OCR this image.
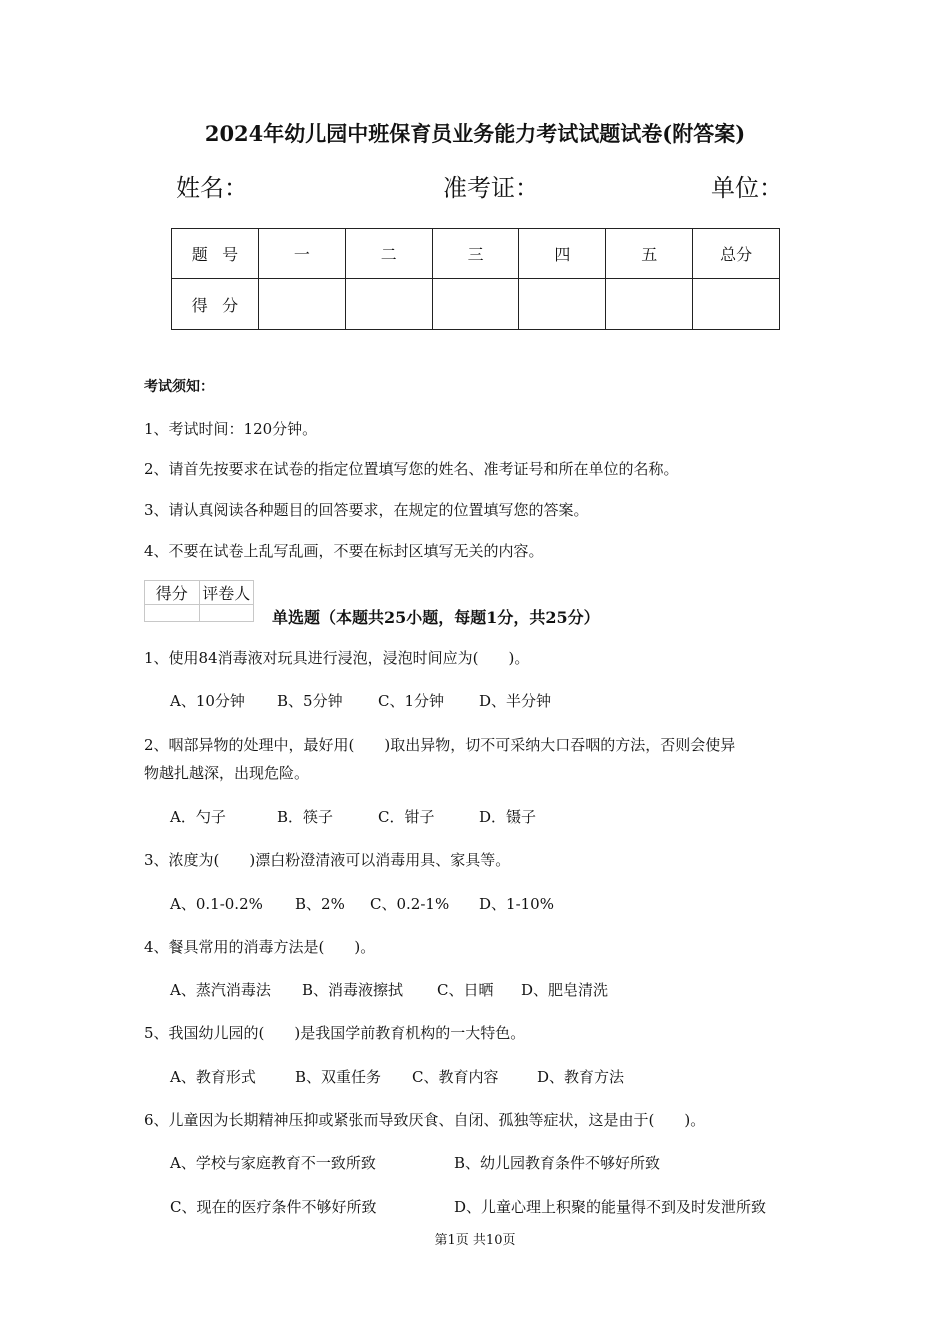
2024年幼儿园中班保育员业务能力考试试题试卷(附答案)
姓名：	准考证：	单位：
题号	一	二	三	四	五	总分
得分						
考试须知：
1、考试时间：120分钟。
2、请首先按要求在试卷的指定位置填写您的姓名、准考证号和所在单位的名称。
3、请认真阅读各种题目的回答要求，在规定的位置填写您的答案。
4、不要在试卷上乱写乱画，不要在标封区填写无关的内容。
得分	评卷人

单选题（本题共25小题，每题1分，共25分）
1、使用84消毒液对玩具进行浸泡，浸泡时间应为(　　)。
A、10分钟 B、5分钟 C、1分钟 D、半分钟
2、咽部异物的处理中，最好用(　　)取出异物，切不可采纳大口吞咽的方法，否则会使异
物越扎越深，出现危险。
A．勺子	B．筷子	C．钳子	D．镊子
3、浓度为(　　)漂白粉澄清液可以消毒用具、家具等。
A、0.1-0.2% B、2% C、0.2-1% D、1-10%
4、餐具常用的消毒方法是(　　)。
A、蒸汽消毒法 B、消毒液擦拭 C、日晒 D、肥皂清洗
5、我国幼儿园的(　　)是我国学前教育机构的一大特色。
A、教育形式	B、双重任务 C、教育内容	D、教育方法
6、儿童因为长期精神压抑或紧张而导致厌食、自闭、孤独等症状，这是由于(　　)。
A、学校与家庭教育不一致所致	B、幼儿园教育条件不够好所致
C、现在的医疗条件不够好所致	D、儿童心理上积聚的能量得不到及时发泄所致
第1页 共10页
